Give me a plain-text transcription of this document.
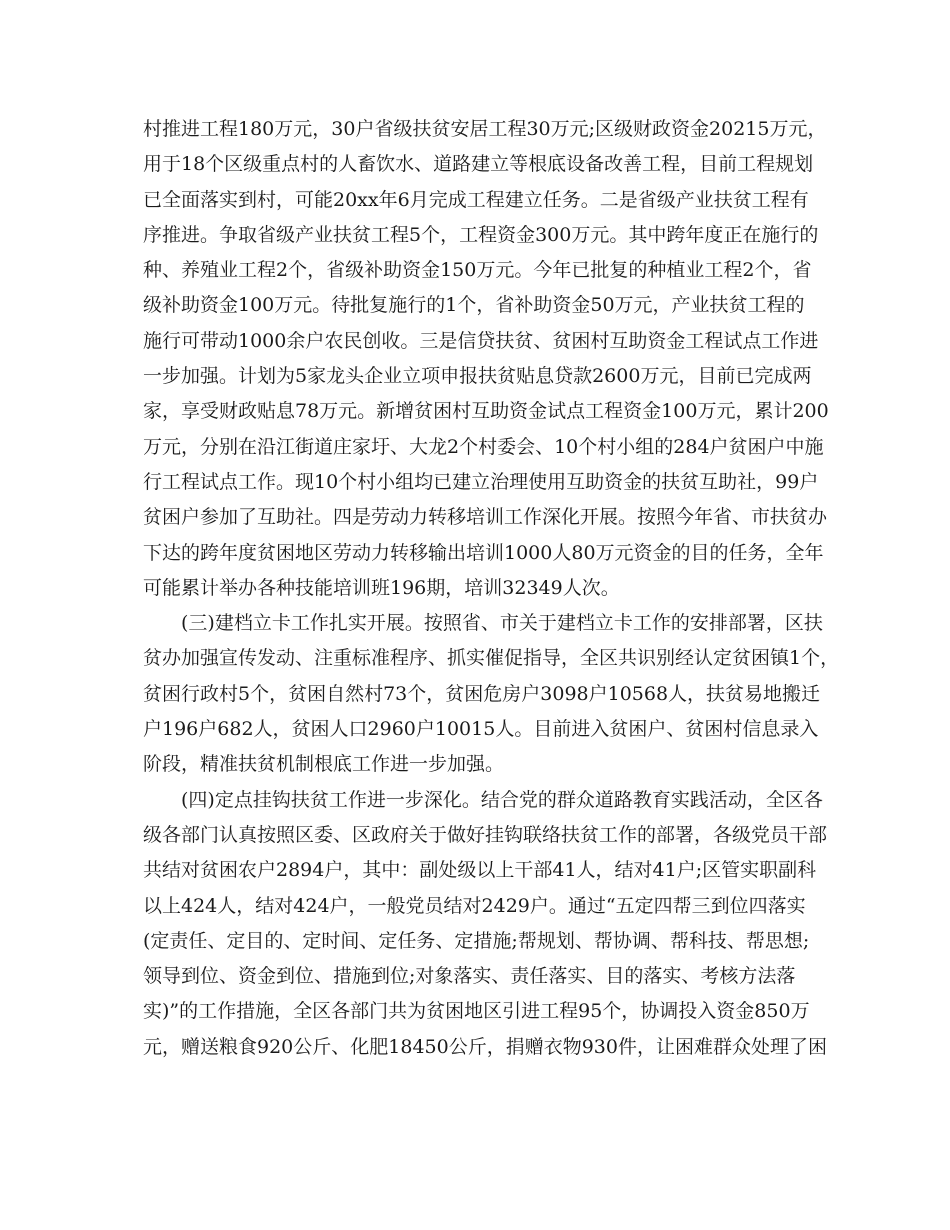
村推进工程180万元，30户省级扶贫安居工程30万元;区级财政资金20215万元，
用于18个区级重点村的人畜饮水、道路建立等根底设备改善工程，目前工程规划
已全面落实到村，可能20xx年6月完成工程建立任务。二是省级产业扶贫工程有
序推进。争取省级产业扶贫工程5个，工程资金300万元。其中跨年度正在施行的
种、养殖业工程2个，省级补助资金150万元。今年已批复的种植业工程2个，省
级补助资金100万元。待批复施行的1个，省补助资金50万元，产业扶贫工程的
施行可带动1000余户农民创收。三是信贷扶贫、贫困村互助资金工程试点工作进
一步加强。计划为5家龙头企业立项申报扶贫贴息贷款2600万元，目前已完成两
家，享受财政贴息78万元。新增贫困村互助资金试点工程资金100万元，累计200
万元，分别在沿江街道庄家圩、大龙2个村委会、10个村小组的284户贫困户中施
行工程试点工作。现10个村小组均已建立治理使用互助资金的扶贫互助社，99户
贫困户参加了互助社。四是劳动力转移培训工作深化开展。按照今年省、市扶贫办
下达的跨年度贫困地区劳动力转移输出培训1000人80万元资金的目的任务，全年
可能累计举办各种技能培训班196期，培训32349人次。
(三)建档立卡工作扎实开展。按照省、市关于建档立卡工作的安排部署，区扶
贫办加强宣传发动、注重标准程序、抓实催促指导，全区共识别经认定贫困镇1个，
贫困行政村5个，贫困自然村73个，贫困危房户3098户10568人，扶贫易地搬迁
户196户682人，贫困人口2960户10015人。目前进入贫困户、贫困村信息录入
阶段，精准扶贫机制根底工作进一步加强。
(四)定点挂钩扶贫工作进一步深化。结合党的群众道路教育实践活动，全区各
级各部门认真按照区委、区政府关于做好挂钩联络扶贫工作的部署，各级党员干部
共结对贫困农户2894户，其中：副处级以上干部41人，结对41户;区管实职副科
以上424人，结对424户，一般党员结对2429户。通过“五定四帮三到位四落实
(定责任、定目的、定时间、定任务、定措施;帮规划、帮协调、帮科技、帮思想;
领导到位、资金到位、措施到位;对象落实、责任落实、目的落实、考核方法落
实)”的工作措施，全区各部门共为贫困地区引进工程95个，协调投入资金850万
元，赠送粮食920公斤、化肥18450公斤，捐赠衣物930件，让困难群众处理了困
